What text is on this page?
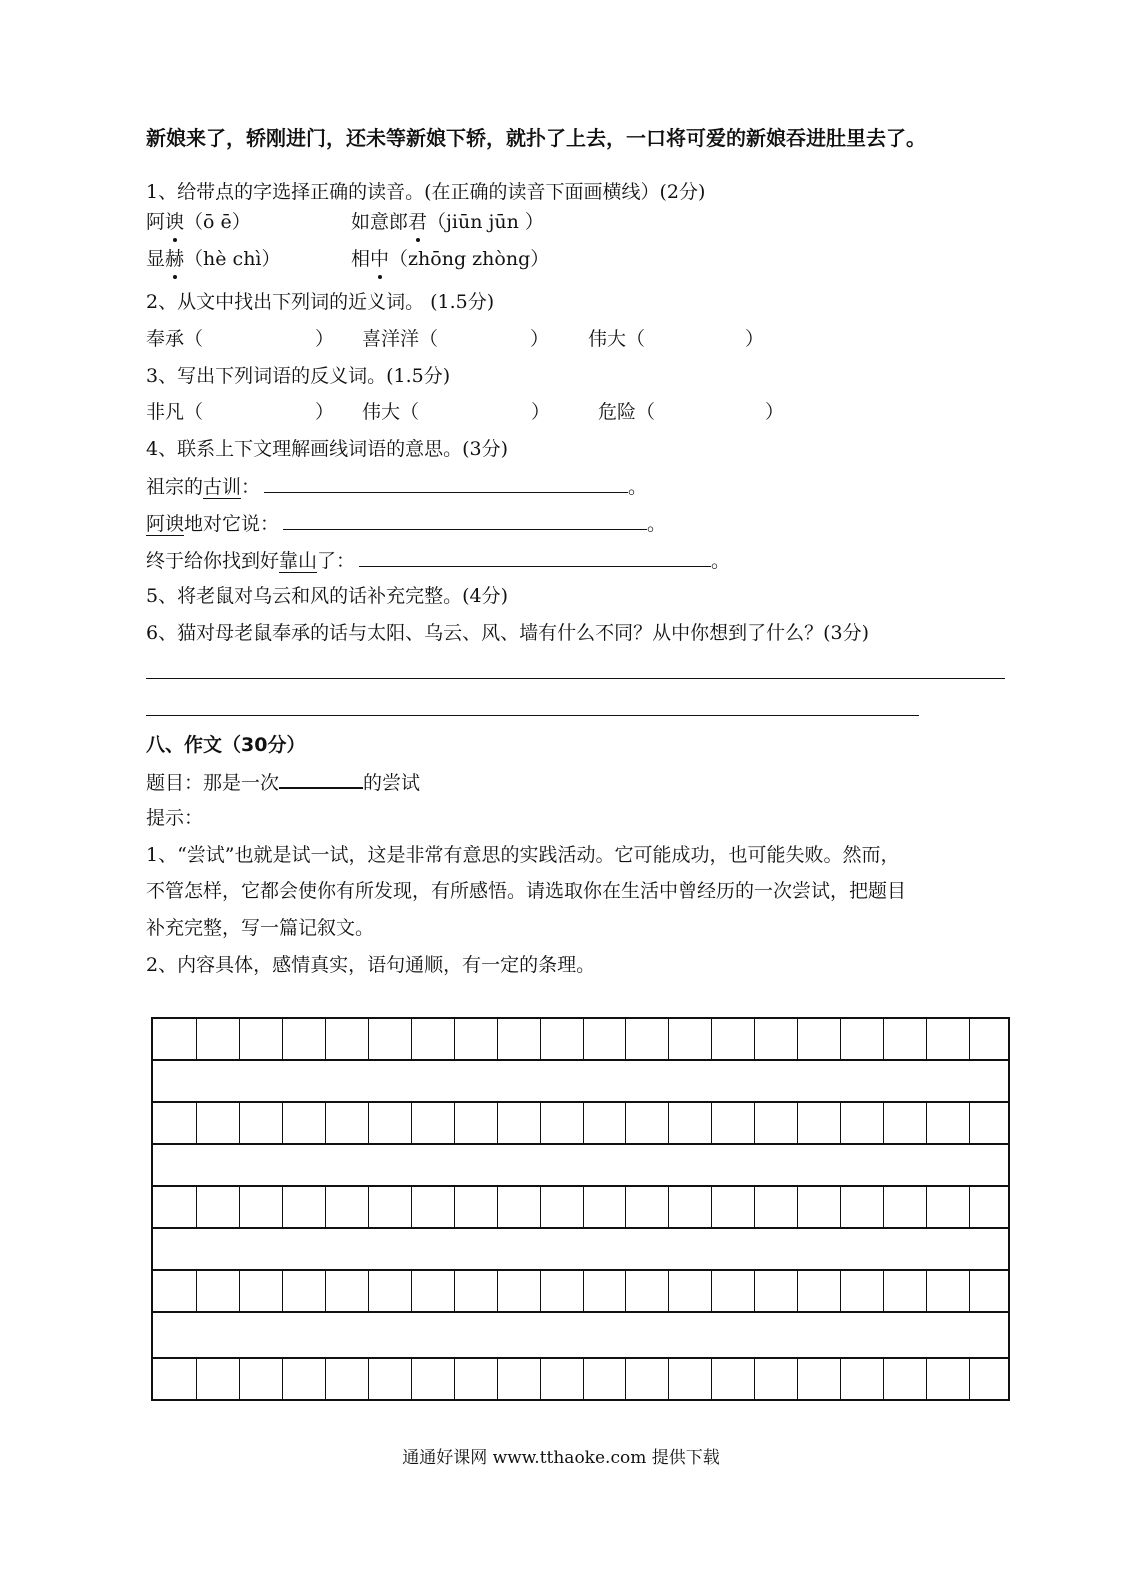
新娘来了，轿刚进门，还未等新娘下轿，就扑了上去，一口将可爱的新娘吞进肚里去了。
1、给带点的字选择正确的读音。(在正确的读音下面画横线）(2分)
阿谀（ō ē）	如意郎君（jiūn jūn ）
显赫（hè chì）	相中（zhōng zhòng）
2、从文中找出下列词的近义词。 (1.5分)
奉承（	） 喜洋洋（	） 伟大（	）
3、写出下列词语的反义词。(1.5分)
非凡（	） 伟大（	）	危险（	）
4、联系上下文理解画线词语的意思。(3分)
祖宗的古训：	。
阿谀地对它说：	。
终于给你找到好靠山了：	。
5、将老鼠对乌云和风的话补充完整。(4分)
6、猫对母老鼠奉承的话与太阳、乌云、风、墙有什么不同？从中你想到了什么？(3分)
八、作文（30分）
题目：那是一次	的尝试
提示：
1、“尝试”也就是试一试，这是非常有意思的实践活动。它可能成功，也可能失败。然而，
不管怎样，它都会使你有所发现，有所感悟。请选取你在生活中曾经历的一次尝试，把题目
补充完整，写一篇记叙文。
2、内容具体，感情真实，语句通顺，有一定的条理。
通通好课网 www.tthaoke.com 提供下载
